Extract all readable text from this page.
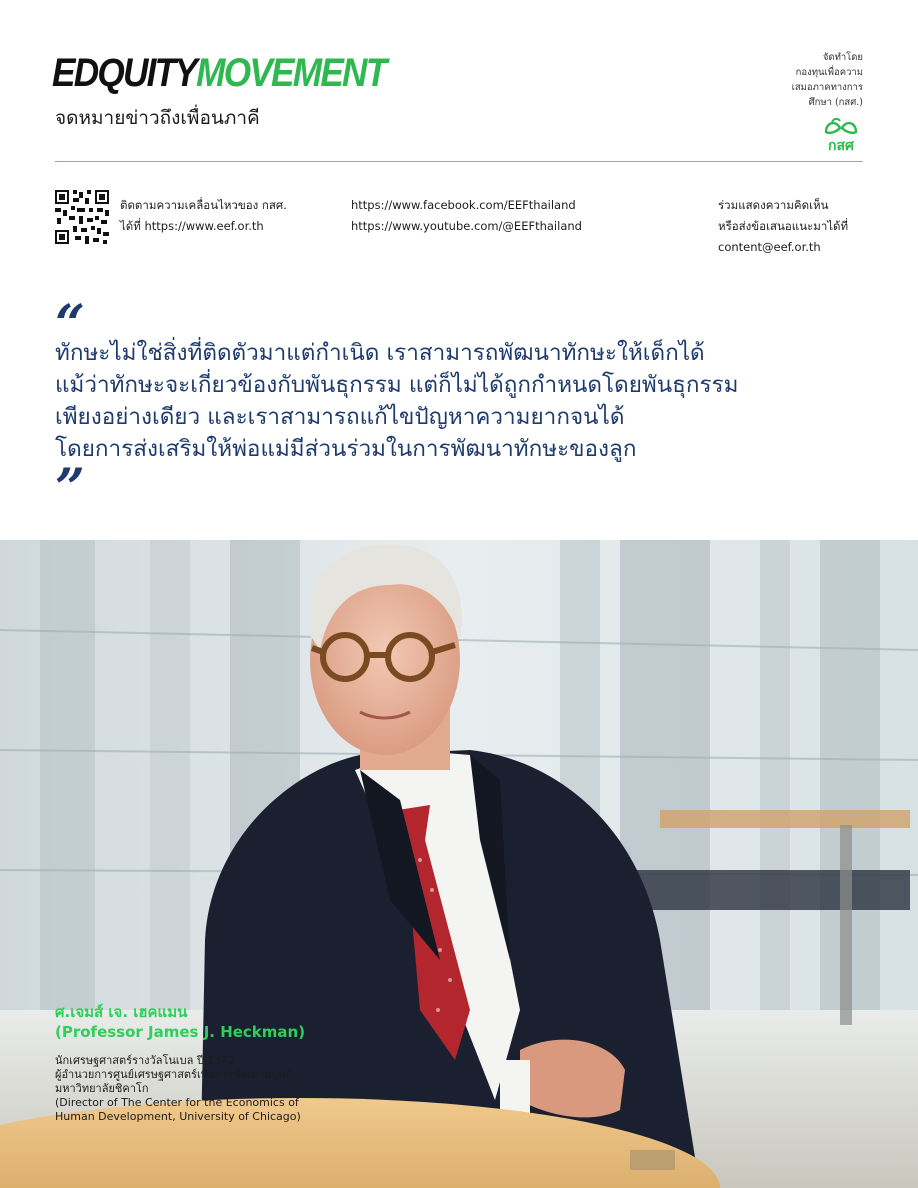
EDQUITYMOVEMENT
จดหมายข่าวถึงเพื่อนภาคี
จัดทำโดย
กองทุนเพื่อความ
เสมอภาคทางการ
ศึกษา (กสศ.)
กสศ
ติดตามความเคลื่อนไหวของ กสศ.
ได้ที่ https://www.eef.or.th
https://www.facebook.com/EEFthailand
https://www.youtube.com/@EEFthailand
ร่วมแสดงความคิดเห็น
หรือส่งข้อเสนอแนะมาได้ที่
content@eef.or.th
“
ทักษะไม่ใช่สิ่งที่ติดตัวมาแต่กำเนิด เราสามารถพัฒนาทักษะให้เด็กได้
แม้ว่าทักษะจะเกี่ยวข้องกับพันธุกรรม แต่ก็ไม่ได้ถูกกำหนดโดยพันธุกรรม
เพียงอย่างเดียว และเราสามารถแก้ไขปัญหาความยากจนได้
โดยการส่งเสริมให้พ่อแม่มีส่วนร่วมในการพัฒนาทักษะของลูก
”
ศ.เจมส์ เจ. เฮคแมน
(Professor James J. Heckman)
นักเศรษฐศาสตร์รางวัลโนเบล ปี 2542
ผู้อำนวยการศูนย์เศรษฐศาสตร์เพื่อการพัฒนามนุษย์
มหาวิทยาลัยชิคาโก
(Director of The Center for the Economics of
Human Development, University of Chicago)
